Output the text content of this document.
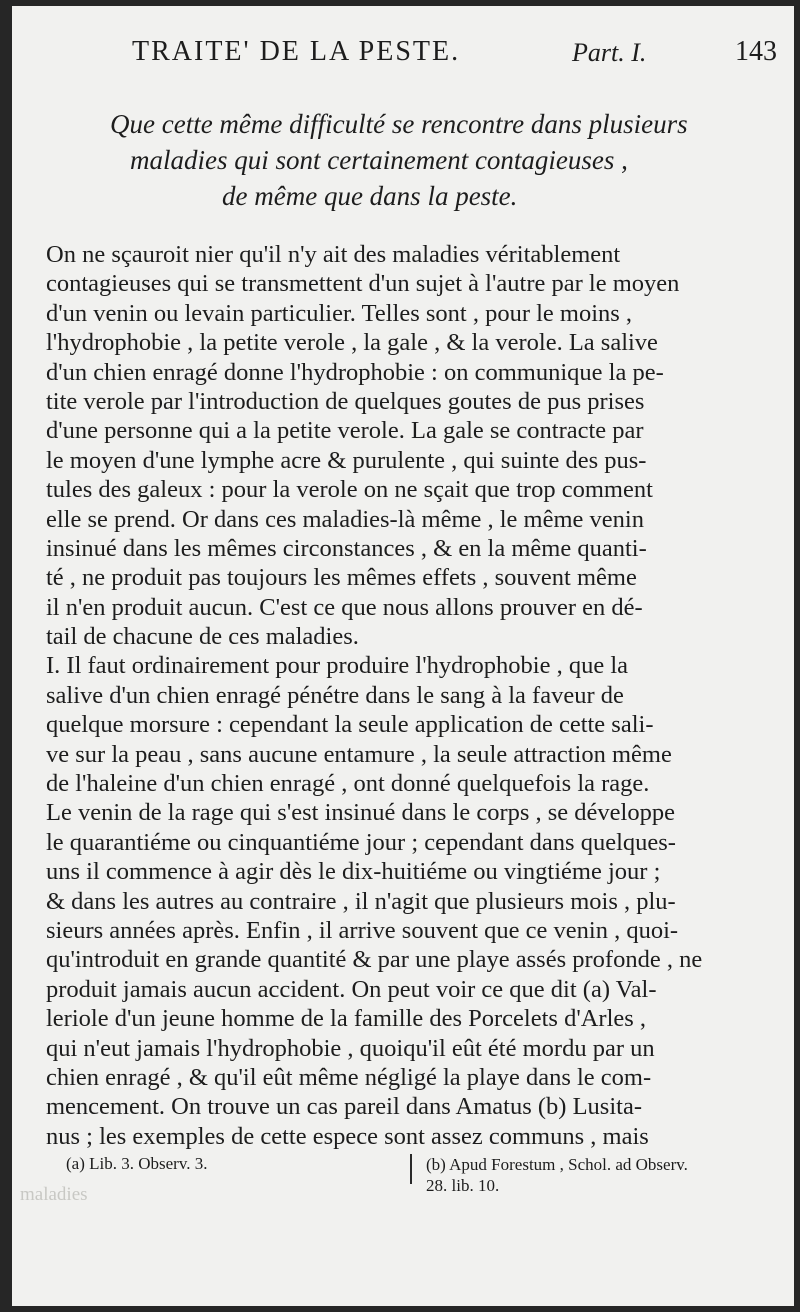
TRAITE' DE LA PESTE.	Part. I.	143
Que cette même difficulté se rencontre dans plusieurs
maladies qui sont certainement contagieuses ,
de même que dans la peste.
On ne sçauroit nier qu'il n'y ait des maladies véritablement
contagieuses qui se transmettent d'un sujet à l'autre par le moyen
d'un venin ou levain particulier. Telles sont , pour le moins ,
l'hydrophobie , la petite verole , la gale , & la verole. La salive
d'un chien enragé donne l'hydrophobie : on communique la pe-
tite verole par l'introduction de quelques goutes de pus prises
d'une personne qui a la petite verole. La gale se contracte par
le moyen d'une lymphe acre & purulente , qui suinte des pus-
tules des galeux : pour la verole on ne sçait que trop comment
elle se prend. Or dans ces maladies-là même , le même venin
insinué dans les mêmes circonstances , & en la même quanti-
té , ne produit pas toujours les mêmes effets , souvent même
il n'en produit aucun. C'est ce que nous allons prouver en dé-
tail de chacune de ces maladies.
I. Il faut ordinairement pour produire l'hydrophobie , que la
salive d'un chien enragé pénétre dans le sang à la faveur de
quelque morsure : cependant la seule application de cette sali-
ve sur la peau , sans aucune entamure , la seule attraction même
de l'haleine d'un chien enragé , ont donné quelquefois la rage.
Le venin de la rage qui s'est insinué dans le corps , se développe
le quarantiéme ou cinquantiéme jour ; cependant dans quelques-
uns il commence à agir dès le dix-huitiéme ou vingtiéme jour ;
& dans les autres au contraire , il n'agit que plusieurs mois , plu-
sieurs années après. Enfin , il arrive souvent que ce venin , quoi-
qu'introduit en grande quantité & par une playe assés profonde , ne
produit jamais aucun accident. On peut voir ce que dit (a) Val-
leriole d'un jeune homme de la famille des Porcelets d'Arles ,
qui n'eut jamais l'hydrophobie , quoiqu'il eût été mordu par un
chien enragé , & qu'il eût même négligé la playe dans le com-
mencement. On trouve un cas pareil dans Amatus (b) Lusita-
nus ; les exemples de cette espece sont assez communs , mais
(a) Lib. 3. Observ. 3.	(b) Apud Forestum , Schol. ad Observ.
28. lib. 10.
maladies
